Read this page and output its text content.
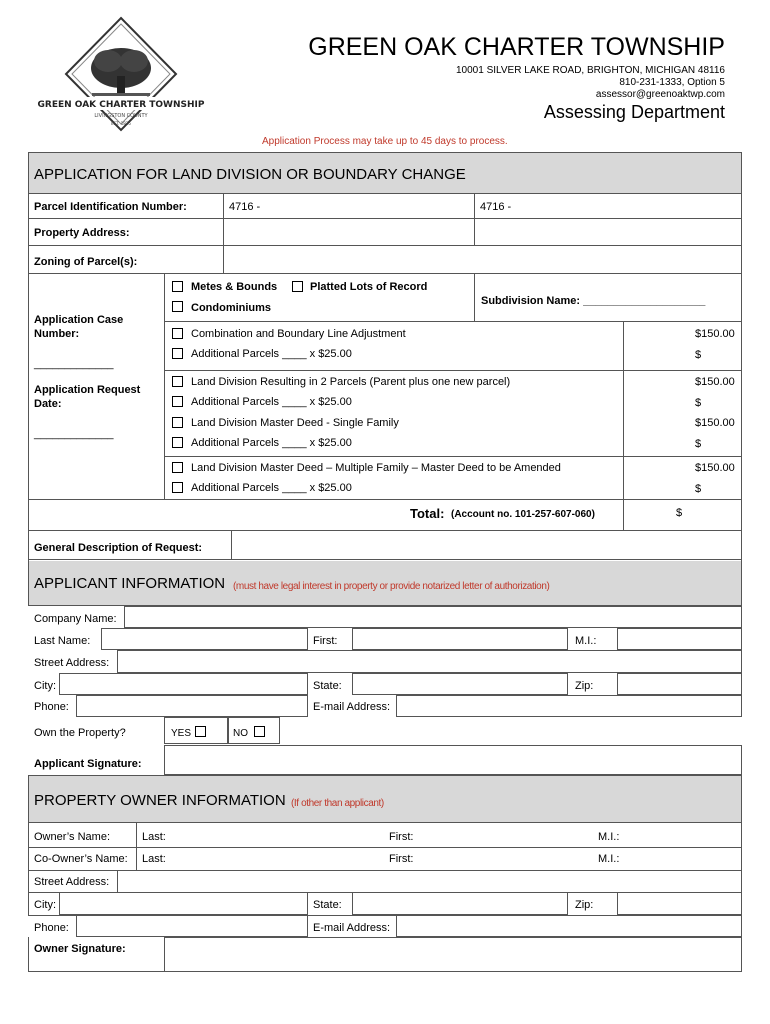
GREEN OAK CHARTER TOWNSHIP
LIVINGSTON COUNTY
EST. 1835
GREEN OAK CHARTER TOWNSHIP
10001 SILVER LAKE ROAD, BRIGHTON, MICHIGAN 48116
810-231-1333, Option 5
assessor@greenoaktwp.com
Assessing Department
Application Process may take up to 45 days to process.
APPLICATION FOR LAND DIVISION OR BOUNDARY CHANGE
Parcel Identification Number:	4716 -	4716 -
Property Address:
Zoning of Parcel(s):
Application Case
Number:
_____________
Application Request
Date:
_____________
Metes & Bounds	Platted Lots of Record
Condominiums
Subdivision Name: ____________________
Combination and Boundary Line Adjustment	$150.00
Additional Parcels ____ x $25.00	$
Land Division Resulting in 2 Parcels (Parent plus one new parcel)	$150.00
Additional Parcels ____ x $25.00	$
Land Division Master Deed - Single Family	$150.00
Additional Parcels ____ x $25.00	$
Land Division Master Deed – Multiple Family – Master Deed to be Amended	$150.00
Additional Parcels ____ x $25.00	$
Total: (Account no. 101-257-607-060)	$
General Description of Request:
APPLICANT INFORMATION (must have legal interest in property or provide notarized letter of authorization)
Company Name:
Last Name:	First:	M.I.:
Street Address:
City:	State:	Zip:
Phone:	E-mail Address:
Own the Property?	YES	NO
Applicant Signature:
PROPERTY OWNER INFORMATION (If other than applicant)
Owner’s Name:	Last:	First:	M.I.:
Co-Owner’s Name: Last:	First:	M.I.:
Street Address:
City:	State:	Zip:
Phone:	E-mail Address:
Owner Signature:
